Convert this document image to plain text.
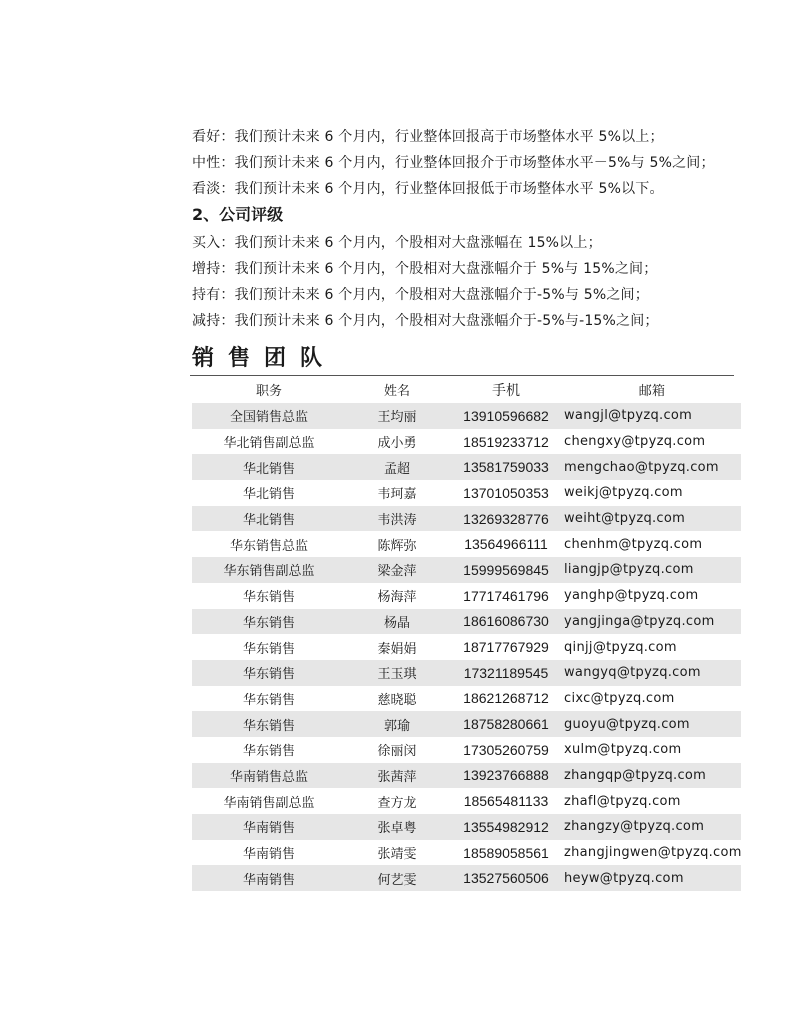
看好：我们预计未来 6 个月内，行业整体回报高于市场整体水平 5%以上；
中性：我们预计未来 6 个月内，行业整体回报介于市场整体水平－5%与 5%之间；
看淡：我们预计未来 6 个月内，行业整体回报低于市场整体水平 5%以下。
2、公司评级
买入：我们预计未来 6 个月内，个股相对大盘涨幅在 15%以上；
增持：我们预计未来 6 个月内，个股相对大盘涨幅介于 5%与 15%之间；
持有：我们预计未来 6 个月内，个股相对大盘涨幅介于-5%与 5%之间；
减持：我们预计未来 6 个月内，个股相对大盘涨幅介于-5%与-15%之间；
销售团队
职务	姓名	手机	邮箱
全国销售总监	王均丽	13910596682	wangjl@tpyzq.com
华北销售副总监	成小勇	18519233712	chengxy@tpyzq.com
华北销售	孟超	13581759033	mengchao@tpyzq.com
华北销售	韦珂嘉	13701050353	weikj@tpyzq.com
华北销售	韦洪涛	13269328776	weiht@tpyzq.com
华东销售总监	陈辉弥	13564966111	chenhm@tpyzq.com
华东销售副总监	梁金萍	15999569845	liangjp@tpyzq.com
华东销售	杨海萍	17717461796	yanghp@tpyzq.com
华东销售	杨晶	18616086730	yangjinga@tpyzq.com
华东销售	秦娟娟	18717767929	qinjj@tpyzq.com
华东销售	王玉琪	17321189545	wangyq@tpyzq.com
华东销售	慈晓聪	18621268712	cixc@tpyzq.com
华东销售	郭瑜	18758280661	guoyu@tpyzq.com
华东销售	徐丽闵	17305260759	xulm@tpyzq.com
华南销售总监	张茜萍	13923766888	zhangqp@tpyzq.com
华南销售副总监	查方龙	18565481133	zhafl@tpyzq.com
华南销售	张卓粤	13554982912	zhangzy@tpyzq.com
华南销售	张靖雯	18589058561	zhangjingwen@tpyzq.com
华南销售	何艺雯	13527560506	heyw@tpyzq.com
